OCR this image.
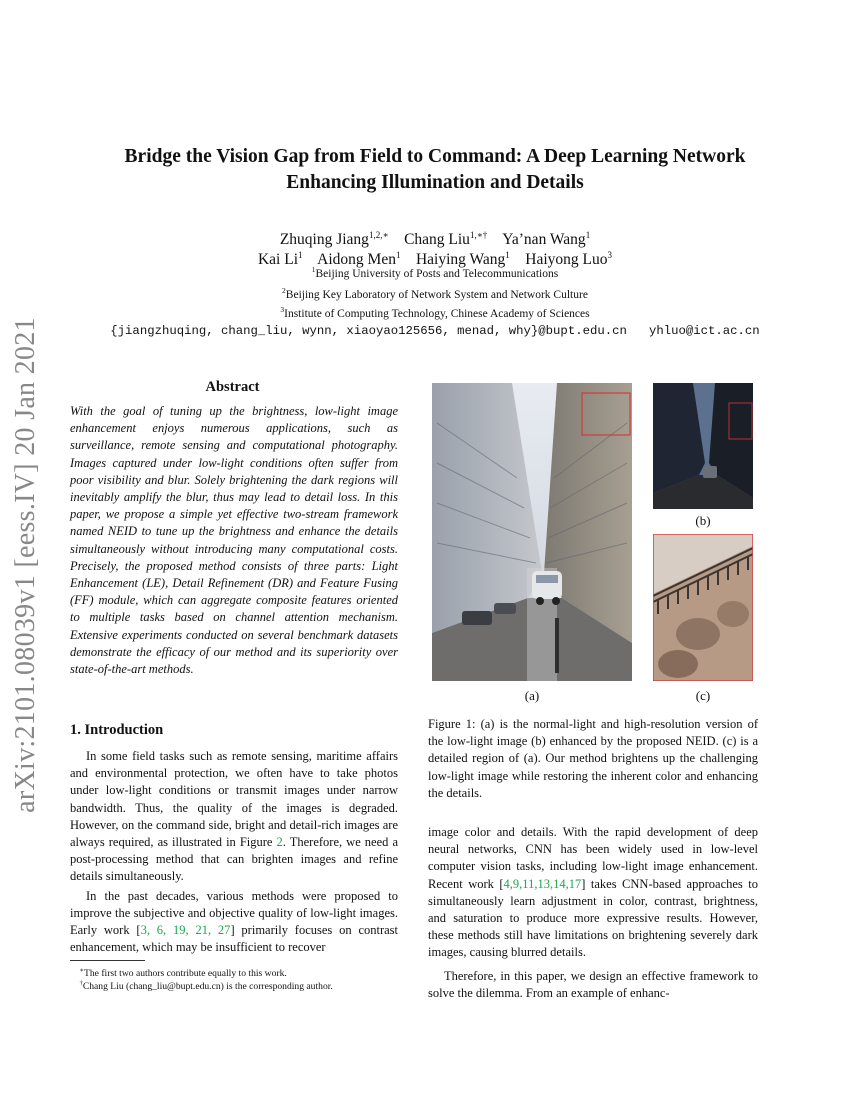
arXiv:2101.08039v1 [eess.IV] 20 Jan 2021
Bridge the Vision Gap from Field to Command: A Deep Learning Network
Enhancing Illumination and Details
Zhuqing Jiang$^{1,2,∗}$ Chang Liu$^{1,∗\dagger}$ Ya’nan Wang$^1$
Kai Li$^1$ Aidong Men$^1$ Haiying Wang$^1$ Haiyong Luo$^3$
$^1$Beijing University of Posts and Telecommunications
$^2$Beijing Key Laboratory of Network System and Network Culture
$^3$Institute of Computing Technology, Chinese Academy of Sciences
{jiangzhuqing, chang_liu, wynn, xiaoyao125656, menad, why}@bupt.edu.cn   yhluo@ict.ac.cn
Abstract
With the goal of tuning up the brightness, low-light image enhancement enjoys numerous applications, such as surveillance, remote sensing and computational photography. Images captured under low-light conditions often suffer from poor visibility and blur. Solely brightening the dark regions will inevitably amplify the blur, thus may lead to detail loss. In this paper, we propose a simple yet effective two-stream framework named NEID to tune up the brightness and enhance the details simultaneously without introducing many computational costs. Precisely, the proposed method consists of three parts: Light Enhancement (LE), Detail Refinement (DR) and Feature Fusing (FF) module, which can aggregate composite features oriented to multiple tasks based on channel attention mechanism. Extensive experiments conducted on several benchmark datasets demonstrate the efficacy of our method and its superiority over state-of-the-art methods.
1. Introduction

In some field tasks such as remote sensing, maritime affairs and environmental protection, we often have to take photos under low-light conditions or transmit images under narrow bandwidth. Thus, the quality of the images is degraded. However, on the command side, bright and detail-rich images are always required, as illustrated in Figure 2. Therefore, we need a post-processing method that can brighten images and refine details simultaneously.

In the past decades, various methods were proposed to improve the subjective and objective quality of low-light images. Early work [3, 6, 19, 21, 27] primarily focuses on contrast enhancement, which may be insufficient to recover

∗The first two authors contribute equally to this work.
†Chang Liu (chang_liu@bupt.edu.cn) is the corresponding author.
(a)
(b)
(c)

Figure 1: (a) is the normal-light and high-resolution version of the low-light image (b) enhanced by the proposed NEID. (c) is a detailed region of (a). Our method brightens up the challenging low-light image while restoring the inherent color and enhancing the details.

image color and details. With the rapid development of deep neural networks, CNN has been widely used in low-level computer vision tasks, including low-light image enhancement. Recent work [4,9,11,13,14,17] takes CNN-based approaches to simultaneously learn adjustment in color, contrast, brightness, and saturation to produce more expressive results. However, these methods still have limitations on brightening severely dark images, causing blurred details.

Therefore, in this paper, we design an effective framework to solve the dilemma. From an example of enhanc-
